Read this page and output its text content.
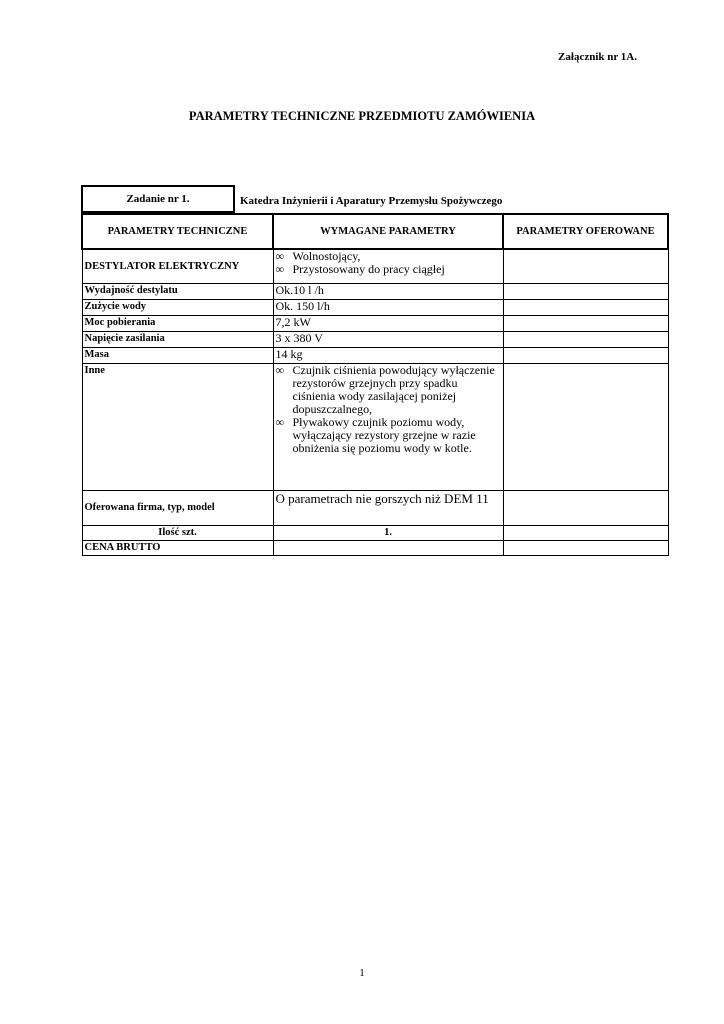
Załącznik nr 1A.
PARAMETRY TECHNICZNE PRZEDMIOTU ZAMÓWIENIA
Zadanie nr 1.	Katedra Inżynierii i Aparatury Przemysłu Spożywczego
PARAMETRY TECHNICZNE	WYMAGANE PARAMETRY	PARAMETRY OFEROWANE
DESTYLATOR ELEKTRYCZNY	∞ Wolnostojący,
∞ Przystosowany do pracy ciągłej	

Wydajność destylatu	Ok.10 l /h	
Zużycie wody	Ok. 150 l/h	
Moc pobierania	7,2 kW	
Napięcie zasilania	3 x 380 V	
Masa	14 kg	
Inne	∞ Czujnik ciśnienia powodujący wyłączenie rezystorów grzejnych przy spadku ciśnienia wody zasilającej poniżej dopuszczalnego,
∞ Pływakowy czujnik poziomu wody, wyłączający rezystory grzejne w razie obniżenia się poziomu wody w kotle.	

Oferowana firma, typ, model	O parametrach nie gorszych niż DEM 11	
Ilość szt.	1.	
CENA BRUTTO		
1
